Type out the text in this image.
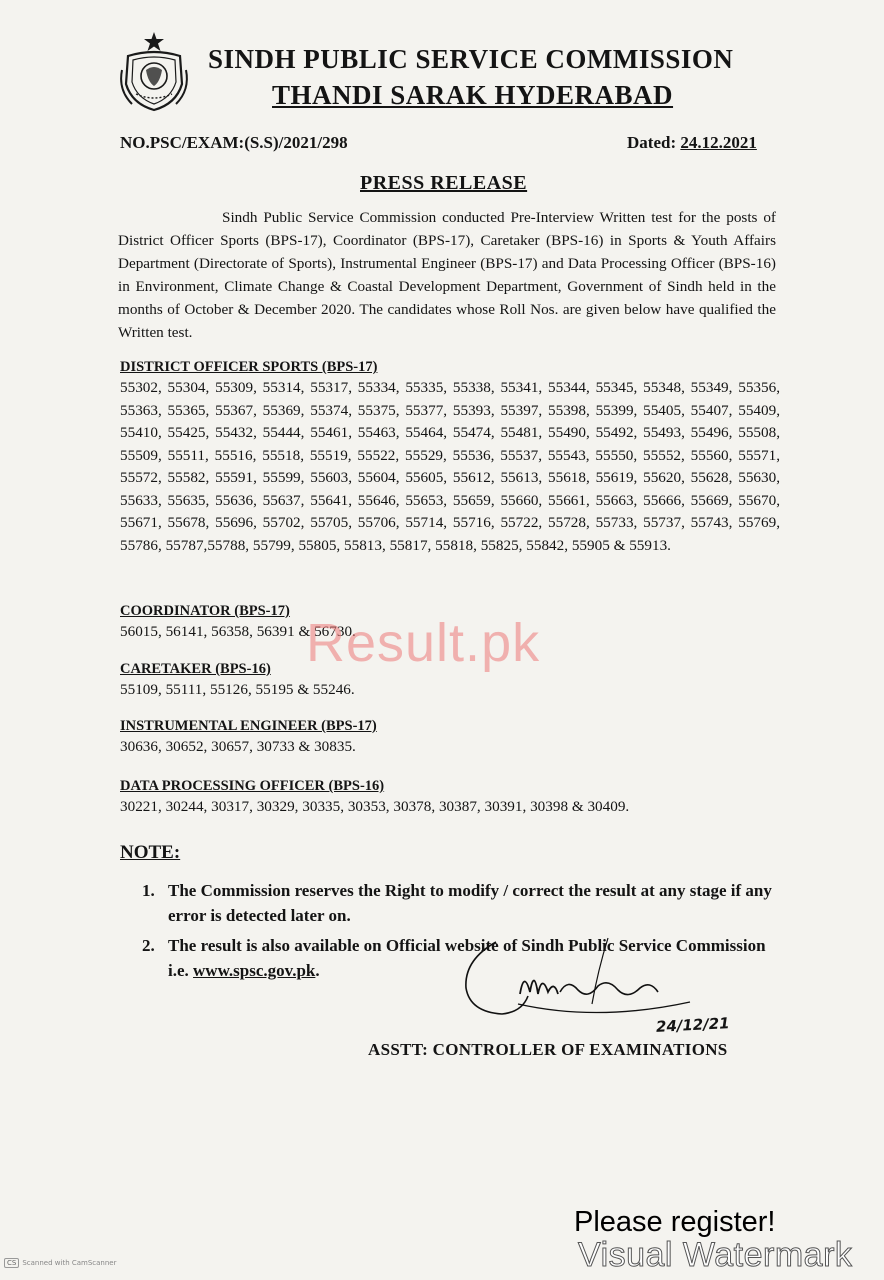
SINDH PUBLIC SERVICE COMMISSION
THANDI SARAK HYDERABAD
NO.PSC/EXAM:(S.S)/2021/298	Dated: 24.12.2021
PRESS RELEASE

Sindh Public Service Commission conducted Pre-Interview Written test for the posts of District Officer Sports (BPS-17), Coordinator (BPS-17), Caretaker (BPS-16) in Sports & Youth Affairs Department (Directorate of Sports), Instrumental Engineer (BPS-17) and Data Processing Officer (BPS-16) in Environment, Climate Change & Coastal Development Department, Government of Sindh held in the months of October & December 2020. The candidates whose Roll Nos. are given below have qualified the Written test.

DISTRICT OFFICER SPORTS (BPS-17)

55302, 55304, 55309, 55314, 55317, 55334, 55335, 55338, 55341, 55344, 55345, 55348, 55349, 55356, 55363, 55365, 55367, 55369, 55374, 55375, 55377, 55393, 55397, 55398, 55399, 55405, 55407, 55409, 55410, 55425, 55432, 55444, 55461, 55463, 55464, 55474, 55481, 55490, 55492, 55493, 55496, 55508, 55509, 55511, 55516, 55518, 55519, 55522, 55529, 55536, 55537, 55543, 55550, 55552, 55560, 55571, 55572, 55582, 55591, 55599, 55603, 55604, 55605, 55612, 55613, 55618, 55619, 55620, 55628, 55630, 55633, 55635, 55636, 55637, 55641, 55646, 55653, 55659, 55660, 55661, 55663, 55666, 55669, 55670, 55671, 55678, 55696, 55702, 55705, 55706, 55714, 55716, 55722, 55728, 55733, 55737, 55743, 55769, 55786, 55787,55788, 55799, 55805, 55813, 55817, 55818, 55825, 55842, 55905 & 55913.

COORDINATOR (BPS-17)

56015, 56141, 56358, 56391 & 56730.

CARETAKER (BPS-16)

55109, 55111, 55126, 55195 & 55246.

INSTRUMENTAL ENGINEER (BPS-17)

30636, 30652, 30657, 30733 & 30835.

DATA PROCESSING OFFICER (BPS-16)

30221, 30244, 30317, 30329, 30335, 30353, 30378, 30387, 30391, 30398 & 30409.

NOTE:
1. The Commission reserves the Right to modify / correct the result at any stage if any error is detected later on.
2. The result is also available on Official website of Sindh Public Service Commission i.e. www.spsc.gov.pk.
24/12/21
ASSTT: CONTROLLER OF EXAMINATIONS
Result.pk
Please register!
Visual Watermark
CS Scanned with CamScanner
